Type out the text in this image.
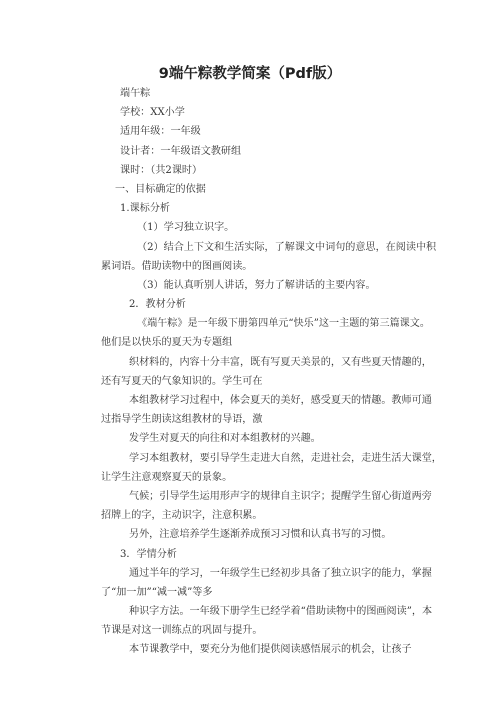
9端午粽教学简案（Pdf版）
端午粽
学校：XX小学
适用年级：一年级
设计者：一年级语文教研组
课时：（共2课时）
一、目标确定的依据
1.课标分析
（1）学习独立识字。
（2）结合上下文和生活实际，了解课文中词句的意思，在阅读中积
累词语。借助读物中的图画阅读。
（3）能认真听别人讲话，努力了解讲话的主要内容。
2．教材分析
《端午粽》是一年级下册第四单元“快乐”这一主题的第三篇课文。
他们是以快乐的夏天为专题组
织材料的，内容十分丰富，既有写夏天美景的，又有些夏天情趣的，
还有写夏天的气象知识的。学生可在
本组教材学习过程中，体会夏天的美好，感受夏天的情趣。教师可通
过指导学生朗读这组教材的导语，激
发学生对夏天的向往和对本组教材的兴趣。
学习本组教材，要引导学生走进大自然，走进社会，走进生活大课堂，
让学生注意观察夏天的景象。
气候；引导学生运用形声字的规律自主识字；提醒学生留心街道两旁
招牌上的字，主动识字，注意积累。
另外，注意培养学生逐渐养成预习习惯和认真书写的习惯。
3．学情分析
通过半年的学习，一年级学生已经初步具备了独立识字的能力，掌握
了“加一加”“减一减”等多
种识字方法。一年级下册学生已经学着“借助读物中的图画阅读”，本
节课是对这一训练点的巩固与提升。
本节课教学中，要充分为他们提供阅读感悟展示的机会，让孩子
